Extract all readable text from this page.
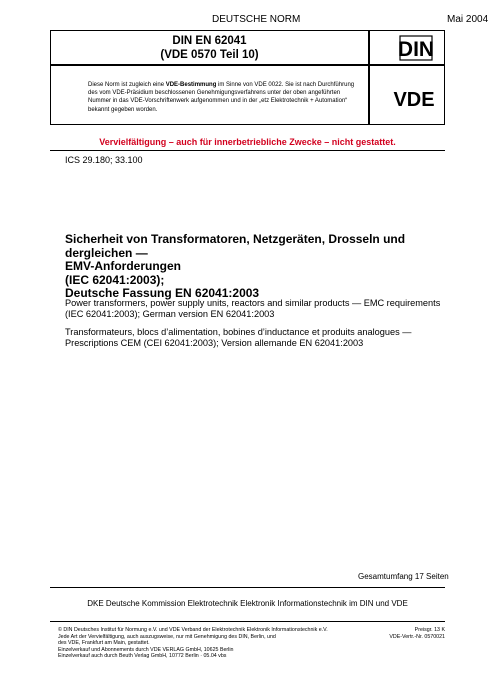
DEUTSCHE NORM	Mai 2004
DIN EN 62041
(VDE 0570 Teil 10)	DIN
Diese Norm ist zugleich eine VDE-Bestimmung im Sinne von VDE 0022. Sie ist nach Durchführung des vom VDE-Präsidium beschlossenen Genehmigungsverfahrens unter der oben angeführten Nummer in das VDE-Vorschriftenwerk aufgenommen und in der „etz Elektrotechnik + Automation“ bekannt gegeben worden.	VDE
Vervielfältigung – auch für innerbetriebliche Zwecke – nicht gestattet.
ICS 29.180; 33.100
Sicherheit von Transformatoren, Netzgeräten, Drosseln und dergleichen —
EMV-Anforderungen
(IEC 62041:2003);
Deutsche Fassung EN 62041:2003
Power transformers, power supply units, reactors and similar products — EMC requirements
(IEC 62041:2003); German version EN 62041:2003
Transformateurs, blocs d’alimentation, bobines d’inductance et produits analogues —
Prescriptions CEM (CEI 62041:2003); Version allemande EN 62041:2003
Gesamtumfang 17 Seiten
DKE Deutsche Kommission Elektrotechnik Elektronik Informationstechnik im DIN und VDE
© DIN Deutsches Institut für Normung e.V. und VDE Verband der Elektrotechnik Elektronik Informationstechnik e.V.
Jede Art der Vervielfältigung, auch auszugsweise, nur mit Genehmigung des DIN, Berlin, und
des VDE, Frankfurt am Main, gestattet.
Einzelverkauf und Abonnements durch VDE VERLAG GmbH, 10625 Berlin
Einzelverkauf auch durch Beuth Verlag GmbH, 10772 Berlin · 05.04 vbs
Preisgr. 13 K
VDE-Vertr.-Nr. 0570021
